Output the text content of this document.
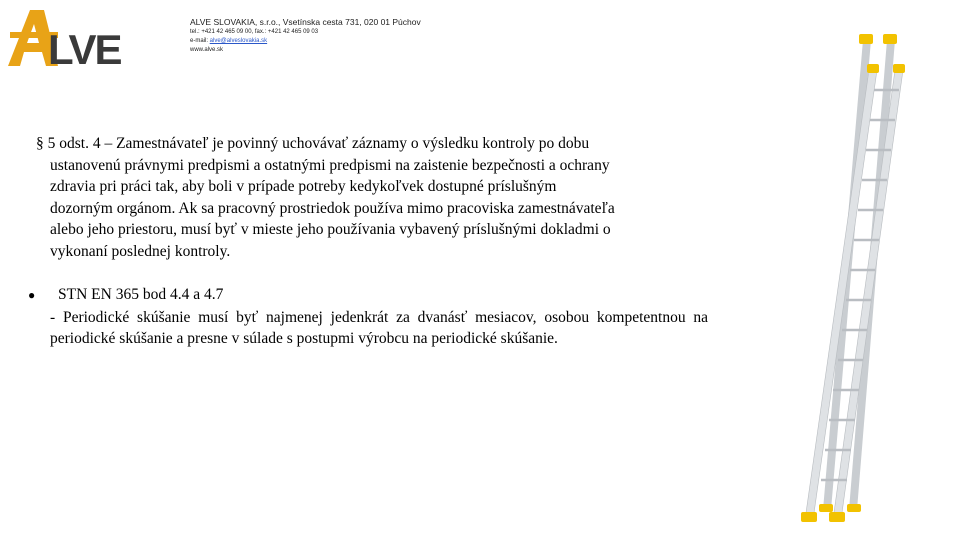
LVE
ALVE SLOVAKIA, s.r.o., Vsetínska cesta 731, 020 01 Púchov
tel.: +421 42 465 09 00, fax.: +421 42 465 09 03
e-mail: alve@alveslovakia.sk
www.alve.sk
§ 5 odst. 4 – Zamestnávateľ je povinný uchovávať záznamy o výsledku kontroly po dobu
ustanovenú právnymi predpismi a ostatnými predpismi na zaistenie bezpečnosti a ochrany
zdravia pri práci tak, aby boli v prípade potreby kedykoľvek dostupné príslušným
dozorným orgánom. Ak sa pracovný prostriedok používa mimo pracoviska zamestnávateľa
alebo jeho priestoru, musí byť v mieste jeho používania vybavený príslušnými dokladmi o
vykonaní poslednej kontroly.
●	STN EN 365 bod 4.4 a 4.7
- Periodické skúšanie musí byť najmenej jedenkrát za dvanásť mesiacov, osobou kompetentnou na periodické skúšanie a presne v súlade s postupmi výrobcu na periodické skúšanie.
